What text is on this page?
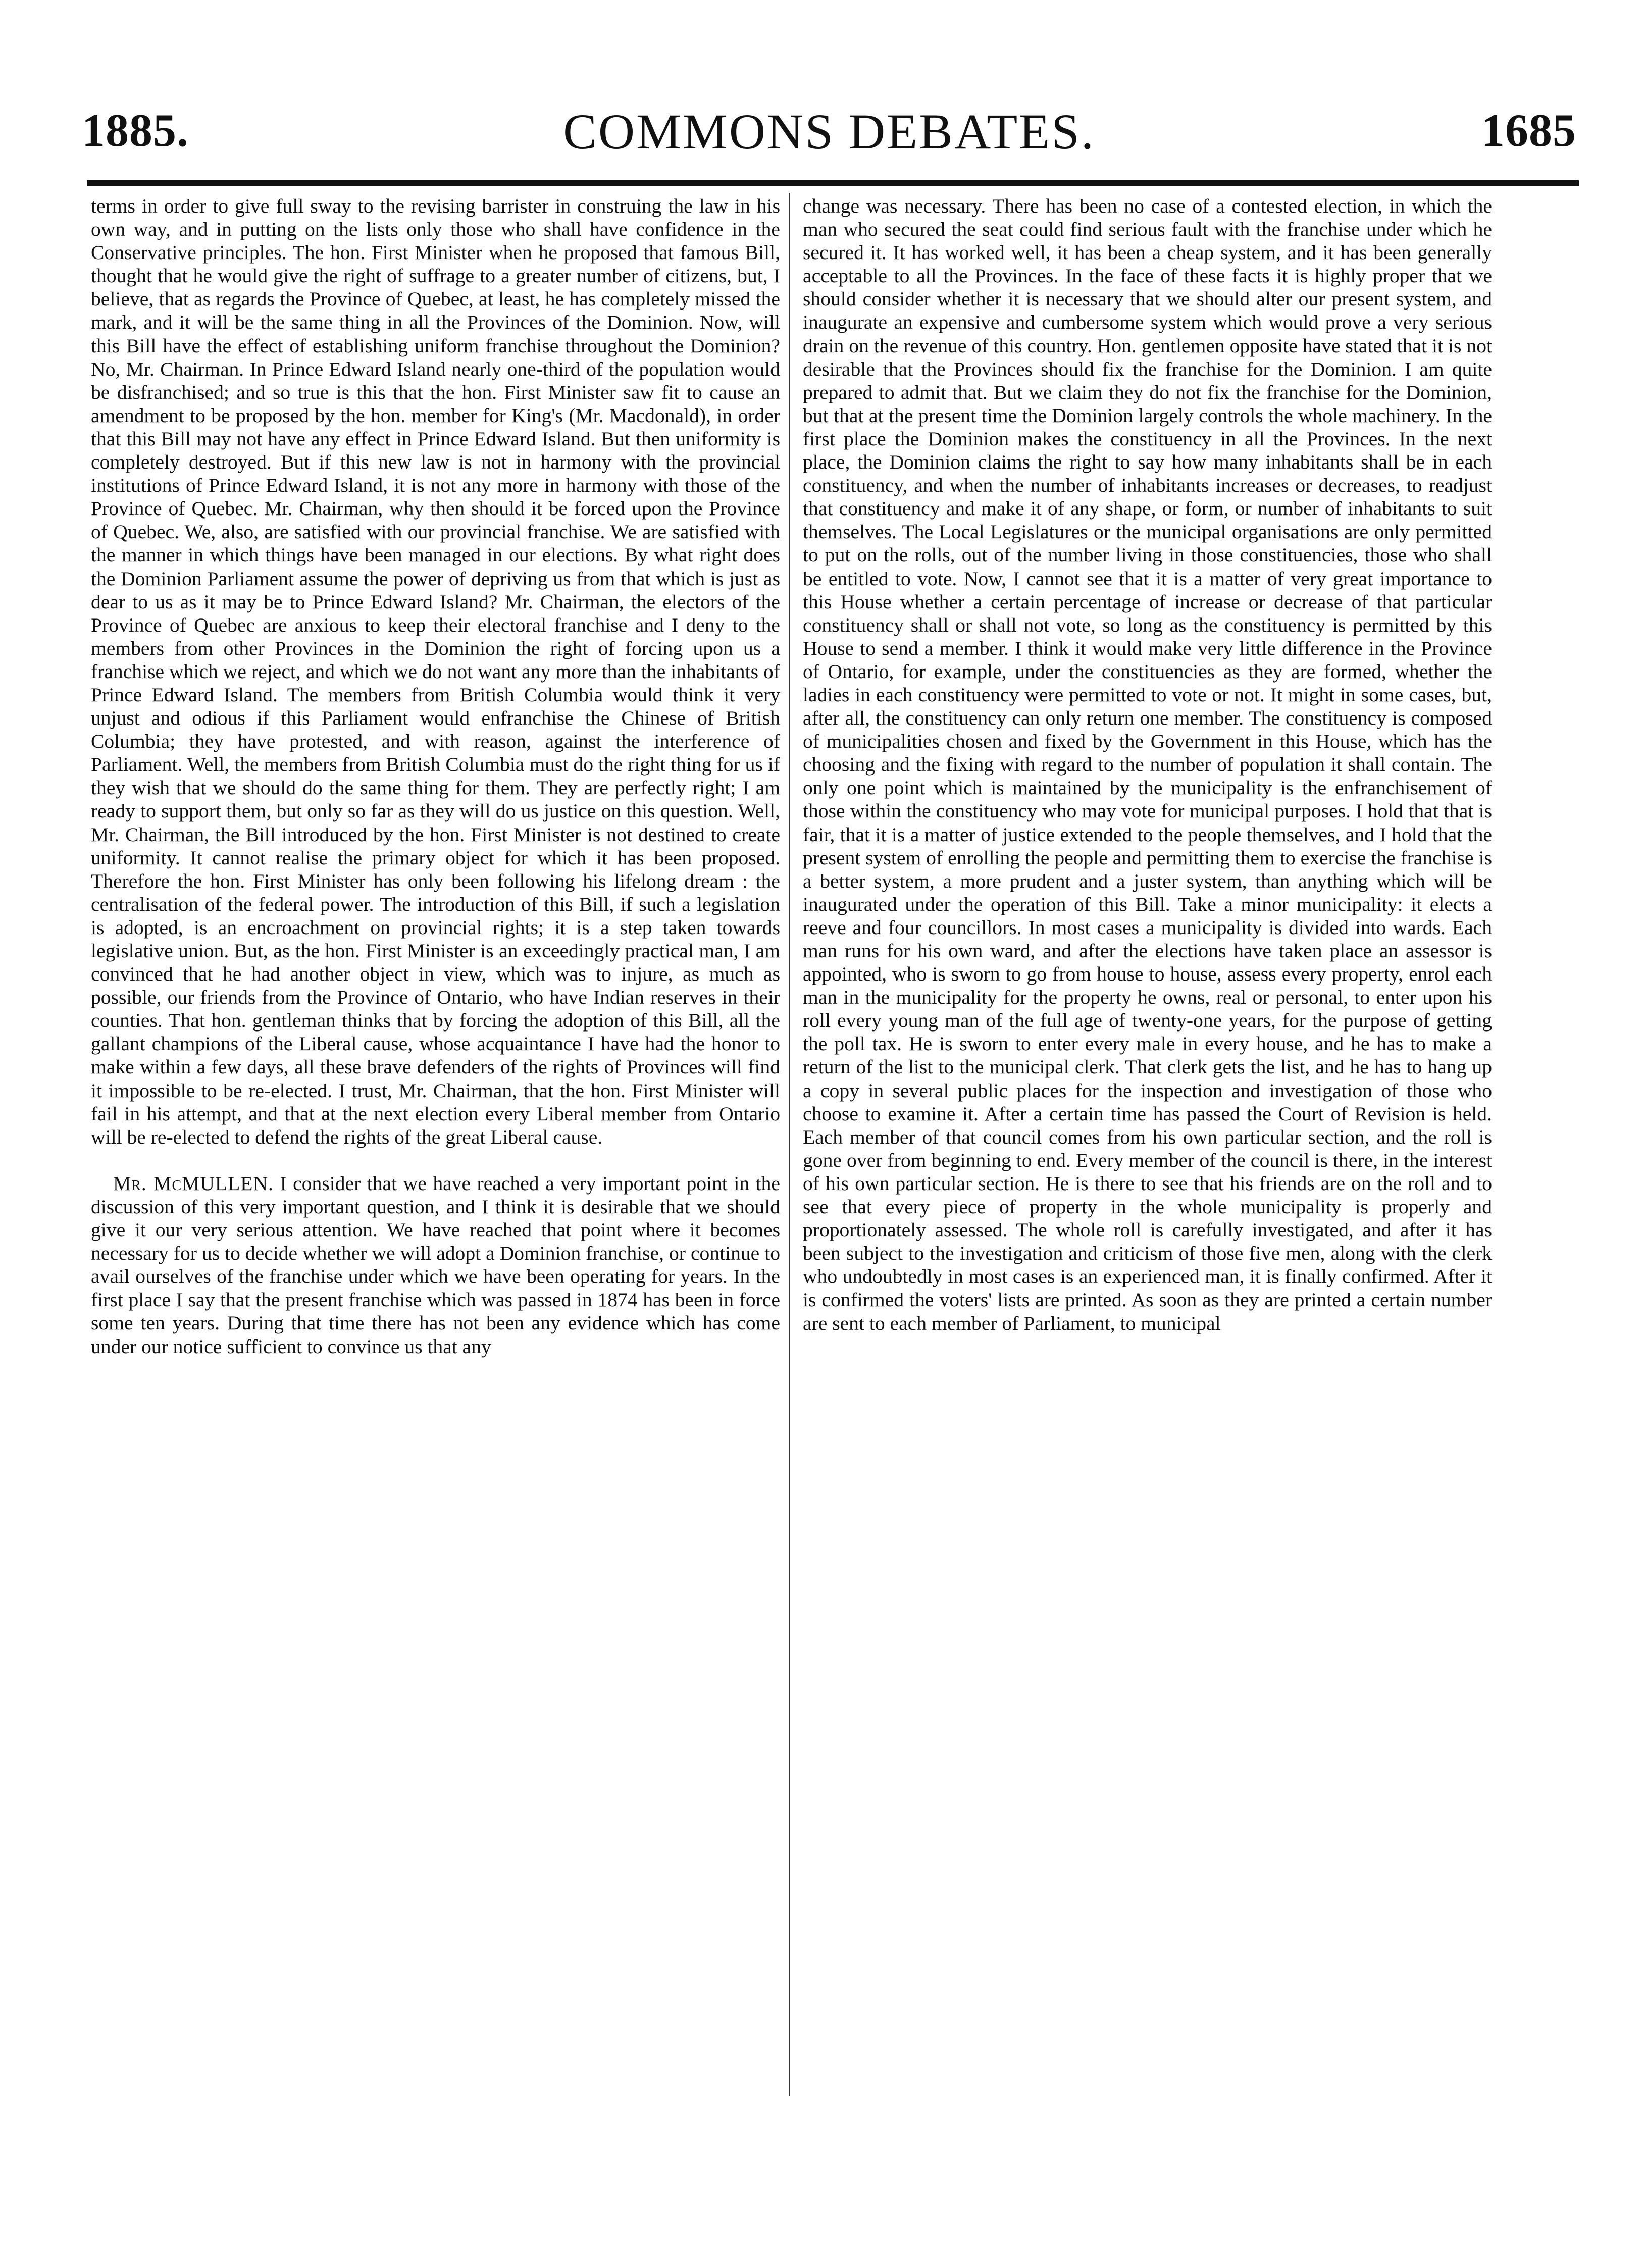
1885.	COMMONS DEBATES.	1685

terms in order to give full sway to the revising barrister in construing the law in his own way, and in putting on the lists only those who shall have confidence in the Conservative principles. The hon. First Minister when he proposed that famous Bill, thought that he would give the right of suffrage to a greater number of citizens, but, I believe, that as regards the Province of Quebec, at least, he has completely missed the mark, and it will be the same thing in all the Provinces of the Dominion. Now, will this Bill have the effect of establishing uniform franchise throughout the Dominion? No, Mr. Chairman. In Prince Edward Island nearly one-third of the population would be disfranchised; and so true is this that the hon. First Minister saw fit to cause an amendment to be proposed by the hon. member for King's (Mr. Macdonald), in order that this Bill may not have any effect in Prince Edward Island. But then uniformity is completely destroyed. But if this new law is not in harmony with the provincial institutions of Prince Edward Island, it is not any more in harmony with those of the Province of Quebec. Mr. Chairman, why then should it be forced upon the Province of Quebec. We, also, are satisfied with our provincial franchise. We are satisfied with the manner in which things have been managed in our elections. By what right does the Dominion Parliament assume the power of depriving us from that which is just as dear to us as it may be to Prince Edward Island? Mr. Chairman, the electors of the Province of Quebec are anxious to keep their electoral franchise and I deny to the members from other Provinces in the Dominion the right of forcing upon us a franchise which we reject, and which we do not want any more than the inhabitants of Prince Edward Island. The members from British Columbia would think it very unjust and odious if this Parliament would enfranchise the Chinese of British Columbia; they have protested, and with reason, against the interference of Parliament. Well, the members from British Columbia must do the right thing for us if they wish that we should do the same thing for them. They are perfectly right; I am ready to support them, but only so far as they will do us justice on this question. Well, Mr. Chairman, the Bill introduced by the hon. First Minister is not destined to create uniformity. It cannot realise the primary object for which it has been proposed. Therefore the hon. First Minister has only been following his lifelong dream : the centralisation of the federal power. The introduction of this Bill, if such a legislation is adopted, is an encroachment on provincial rights; it is a step taken towards legislative union. But, as the hon. First Minister is an exceedingly practical man, I am convinced that he had another object in view, which was to injure, as much as possible, our friends from the Province of Ontario, who have Indian reserves in their counties. That hon. gentleman thinks that by forcing the adoption of this Bill, all the gallant champions of the Liberal cause, whose acquaintance I have had the honor to make within a few days, all these brave defenders of the rights of Provinces will find it impossible to be re-elected. I trust, Mr. Chairman, that the hon. First Minister will fail in his attempt, and that at the next election every Liberal member from Ontario will be re-elected to defend the rights of the great Liberal cause.

Mr. McMULLEN. I consider that we have reached a very important point in the discussion of this very important question, and I think it is desirable that we should give it our very serious attention. We have reached that point where it becomes necessary for us to decide whether we will adopt a Dominion franchise, or continue to avail ourselves of the franchise under which we have been operating for years. In the first place I say that the present franchise which was passed in 1874 has been in force some ten years. During that time there has not been any evidence which has come under our notice sufficient to convince us that any

change was necessary. There has been no case of a contested election, in which the man who secured the seat could find serious fault with the franchise under which he secured it. It has worked well, it has been a cheap system, and it has been generally acceptable to all the Provinces. In the face of these facts it is highly proper that we should consider whether it is necessary that we should alter our present system, and inaugurate an expensive and cumbersome system which would prove a very serious drain on the revenue of this country. Hon. gentlemen opposite have stated that it is not desirable that the Provinces should fix the franchise for the Dominion. I am quite prepared to admit that. But we claim they do not fix the franchise for the Dominion, but that at the present time the Dominion largely controls the whole machinery. In the first place the Dominion makes the constituency in all the Provinces. In the next place, the Dominion claims the right to say how many inhabitants shall be in each constituency, and when the number of inhabitants increases or decreases, to readjust that constituency and make it of any shape, or form, or number of inhabitants to suit themselves. The Local Legislatures or the municipal organisations are only permitted to put on the rolls, out of the number living in those constituencies, those who shall be entitled to vote. Now, I cannot see that it is a matter of very great importance to this House whether a certain percentage of increase or decrease of that particular constituency shall or shall not vote, so long as the constituency is permitted by this House to send a member. I think it would make very little difference in the Province of Ontario, for example, under the constituencies as they are formed, whether the ladies in each constituency were permitted to vote or not. It might in some cases, but, after all, the constituency can only return one member. The constituency is composed of municipalities chosen and fixed by the Government in this House, which has the choosing and the fixing with regard to the number of population it shall contain. The only one point which is maintained by the municipality is the enfranchisement of those within the constituency who may vote for municipal purposes. I hold that that is fair, that it is a matter of justice extended to the people themselves, and I hold that the present system of enrolling the people and permitting them to exercise the franchise is a better system, a more prudent and a juster system, than anything which will be inaugurated under the operation of this Bill. Take a minor municipality: it elects a reeve and four councillors. In most cases a municipality is divided into wards. Each man runs for his own ward, and after the elections have taken place an assessor is appointed, who is sworn to go from house to house, assess every property, enrol each man in the municipality for the property he owns, real or personal, to enter upon his roll every young man of the full age of twenty-one years, for the purpose of getting the poll tax. He is sworn to enter every male in every house, and he has to make a return of the list to the municipal clerk. That clerk gets the list, and he has to hang up a copy in several public places for the inspection and investigation of those who choose to examine it. After a certain time has passed the Court of Revision is held. Each member of that council comes from his own particular section, and the roll is gone over from beginning to end. Every member of the council is there, in the interest of his own particular section. He is there to see that his friends are on the roll and to see that every piece of property in the whole municipality is properly and proportionately assessed. The whole roll is carefully investigated, and after it has been subject to the investigation and criticism of those five men, along with the clerk who undoubtedly in most cases is an experienced man, it is finally confirmed. After it is confirmed the voters' lists are printed. As soon as they are printed a certain number are sent to each member of Parliament, to municipal
